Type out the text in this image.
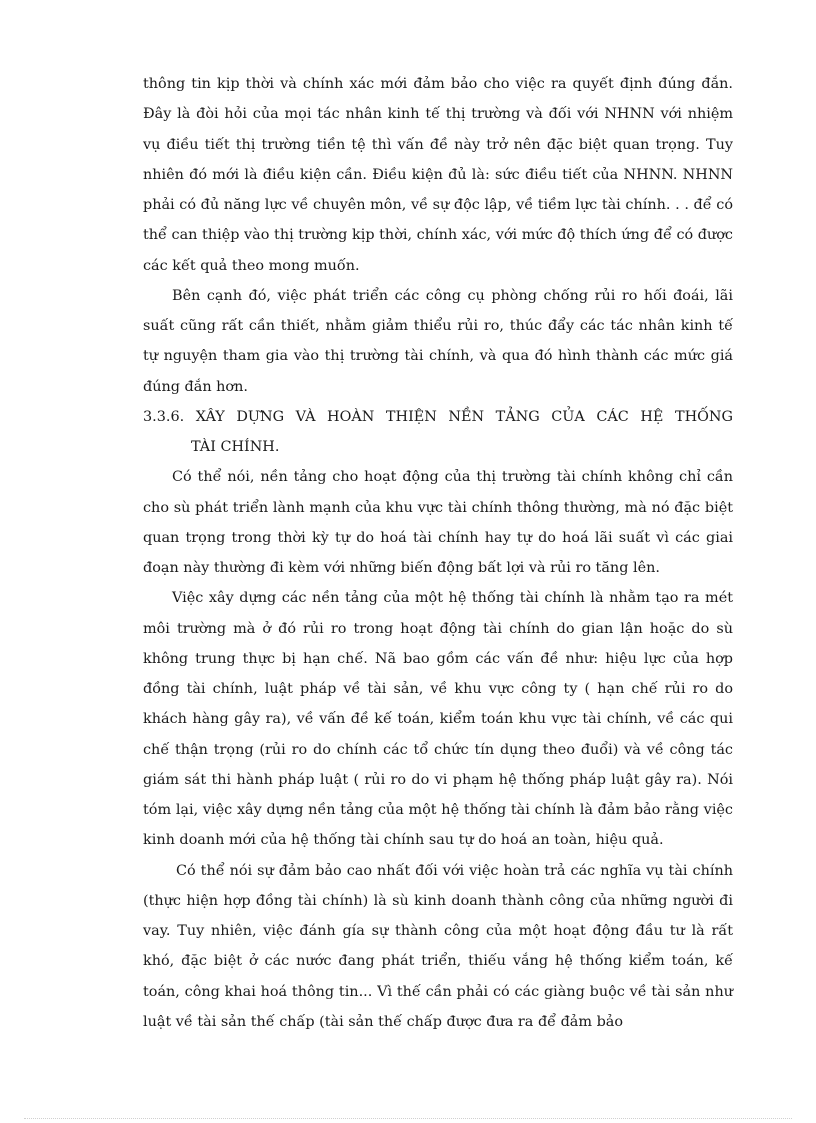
thông tin kịp thời và chính xác mới đảm bảo cho việc ra quyết định đúng đắn. Đây là đòi hỏi của mọi tác nhân kinh tế thị trường và đối với NHNN với nhiệm vụ điều tiết thị trường tiền tệ thì vấn đề này trở nên đặc biệt quan trọng. Tuy nhiên đó mới là điều kiện cần. Điều kiện đủ là: sức điều tiết của NHNN. NHNN phải có đủ năng lực về chuyên môn, về sự độc lập, về tiềm lực tài chính. . . để có thể can thiệp vào thị trường kịp thời, chính xác, với mức độ thích ứng để có được các kết quả theo mong muốn.

Bên cạnh đó, việc phát triển các công cụ phòng chống rủi ro hối đoái, lãi suất cũng rất cần thiết, nhằm giảm thiểu rủi ro, thúc đẩy các tác nhân kinh tế tự nguyện tham gia vào thị trường tài chính, và qua đó hình thành các mức giá đúng đắn hơn.

3.3.6. XÂY DỰNG VÀ HOÀN THIỆN NỀN TẢNG CỦA CÁC HỆ THỐNG
TÀI CHÍNH.

Có thể nói, nền tảng cho hoạt động của thị trường tài chính không chỉ cần cho sù phát triển lành mạnh của khu vực tài chính thông thường, mà nó đặc biệt quan trọng trong thời kỳ tự do hoá tài chính hay tự do hoá lãi suất vì các giai đoạn này thường đi kèm với những biến động bất lợi và rủi ro tăng lên.

Việc xây dựng các nền tảng của một hệ thống tài chính là nhằm tạo ra mét môi trường mà ở đó rủi ro trong hoạt động tài chính do gian lận hoặc do sù không trung thực bị hạn chế. Nã bao gồm các vấn đề như: hiệu lực của hợp đồng tài chính, luật pháp về tài sản, về khu vực công ty ( hạn chế rủi ro do khách hàng gây ra), về vấn đề kế toán, kiểm toán khu vực tài chính, về các qui chế thận trọng (rủi ro do chính các tổ chức tín dụng theo đuổi) và về công tác giám sát thi hành pháp luật ( rủi ro do vi phạm hệ thống pháp luật gây ra). Nói tóm lại, việc xây dựng nền tảng của một hệ thống tài chính là đảm bảo rằng việc kinh doanh mới của hệ thống tài chính sau tự do hoá an toàn, hiệu quả.

Có thể nói sự đảm bảo cao nhất đối với việc hoàn trả các nghĩa vụ tài chính (thực hiện hợp đồng tài chính) là sù kinh doanh thành công của những người đi vay. Tuy nhiên, việc đánh gía sự thành công của một hoạt động đầu tư là rất khó, đặc biệt ở các nước đang phát triển, thiếu vắng hệ thống kiểm toán, kế toán, công khai hoá thông tin... Vì thế cần phải có các giàng buộc về tài sản như luật về tài sản thế chấp (tài sản thế chấp được đưa ra để đảm bảo
